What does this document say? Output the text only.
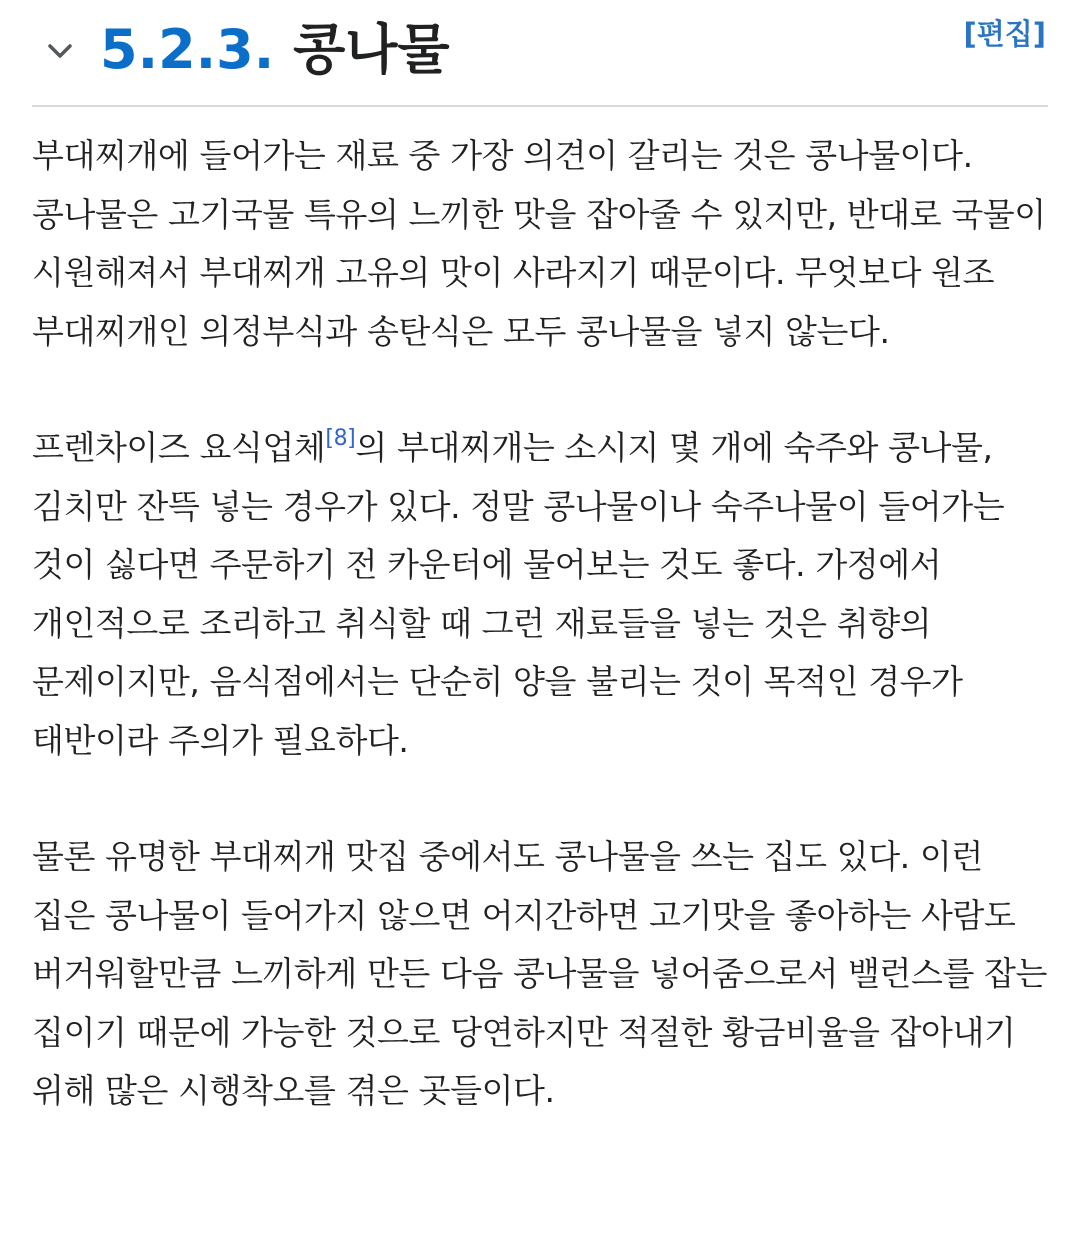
5.2.3. 콩나물	[편집]

부대찌개에 들어가는 재료 중 가장 의견이 갈리는 것은 콩나물이다. 콩나물은 고기국물 특유의 느끼한 맛을 잡아줄 수 있지만, 반대로 국물이 시원해져서 부대찌개 고유의 맛이 사라지기 때문이다. 무엇보다 원조 부대찌개인 의정부식과 송탄식은 모두 콩나물을 넣지 않는다.

프렌차이즈 요식업체[8]의 부대찌개는 소시지 몇 개에 숙주와 콩나물, 김치만 잔뜩 넣는 경우가 있다. 정말 콩나물이나 숙주나물이 들어가는 것이 싫다면 주문하기 전 카운터에 물어보는 것도 좋다. 가정에서 개인적으로 조리하고 취식할 때 그런 재료들을 넣는 것은 취향의 문제이지만, 음식점에서는 단순히 양을 불리는 것이 목적인 경우가 태반이라 주의가 필요하다.

물론 유명한 부대찌개 맛집 중에서도 콩나물을 쓰는 집도 있다. 이런 집은 콩나물이 들어가지 않으면 어지간하면 고기맛을 좋아하는 사람도 버거워할만큼 느끼하게 만든 다음 콩나물을 넣어줌으로서 밸런스를 잡는 집이기 때문에 가능한 것으로 당연하지만 적절한 황금비율을 잡아내기 위해 많은 시행착오를 겪은 곳들이다.
